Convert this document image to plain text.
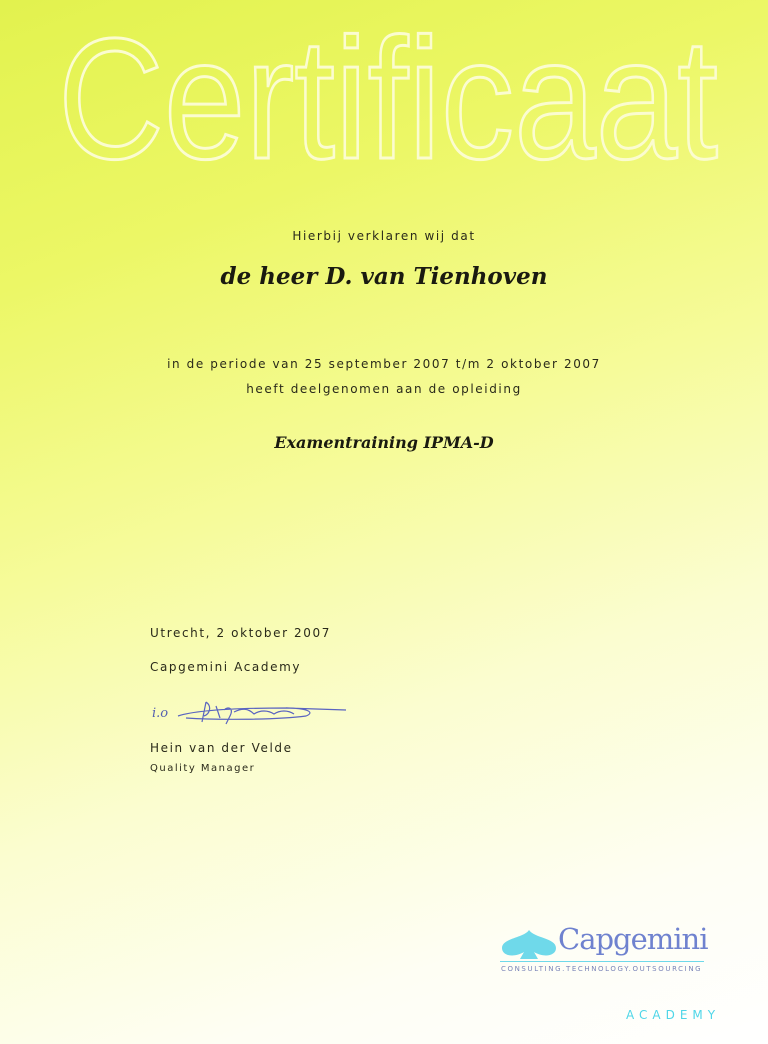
Certificaat
Hierbij verklaren wij dat
de heer D. van Tienhoven
in de periode van 25 september 2007 t/m 2 oktober 2007
heeft deelgenomen aan de opleiding
Examentraining IPMA-D
Utrecht, 2 oktober 2007
Capgemini Academy
i.o
Hein van der Velde
Quality Manager
Capgemini
CONSULTING.TECHNOLOGY.OUTSOURCING
ACADEMY
